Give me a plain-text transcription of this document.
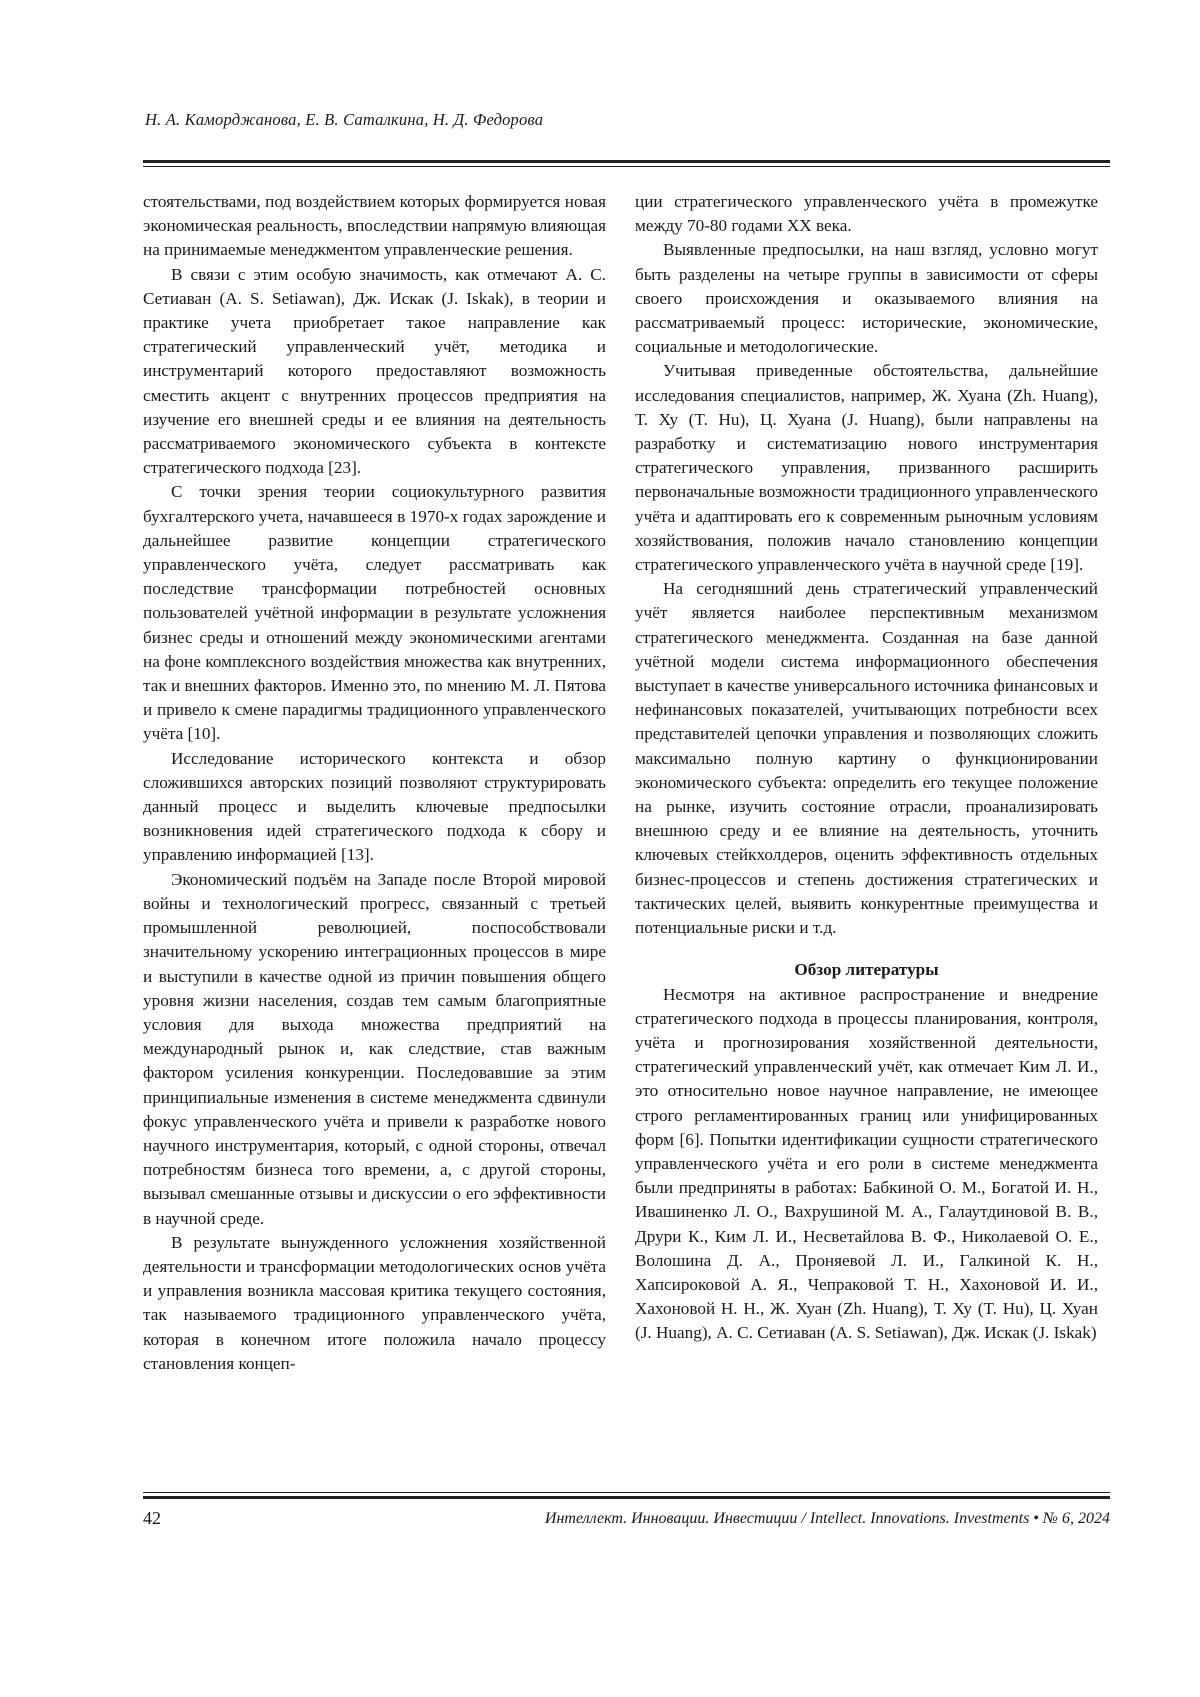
Н. А. Каморджанова, Е. В. Саталкина, Н. Д. Федорова

стоятельствами, под воздействием которых формируется новая экономическая реальность, впоследствии напрямую влияющая на принимаемые менеджментом управленческие решения.

В связи с этим особую значимость, как отмечают А. С. Сетиаван (A. S. Setiawan), Дж. Искак (J. Iskak), в теории и практике учета приобретает такое направление как стратегический управленческий учёт, методика и инструментарий которого предоставляют возможность сместить акцент с внутренних процессов предприятия на изучение его внешней среды и ее влияния на деятельность рассматриваемого экономического субъекта в контексте стратегического подхода [23].

С точки зрения теории социокультурного развития бухгалтерского учета, начавшееся в 1970-х годах зарождение и дальнейшее развитие концепции стратегического управленческого учёта, следует рассматривать как последствие трансформации потребностей основных пользователей учётной информации в результате усложнения бизнес среды и отношений между экономическими агентами на фоне комплексного воздействия множества как внутренних, так и внешних факторов. Именно это, по мнению М. Л. Пятова и привело к смене парадигмы традиционного управленческого учёта [10].

Исследование исторического контекста и обзор сложившихся авторских позиций позволяют структурировать данный процесс и выделить ключевые предпосылки возникновения идей стратегического подхода к сбору и управлению информацией [13].

Экономический подъём на Западе после Второй мировой войны и технологический прогресс, связанный с третьей промышленной революцией, поспособствовали значительному ускорению интеграционных процессов в мире и выступили в качестве одной из причин повышения общего уровня жизни населения, создав тем самым благоприятные условия для выхода множества предприятий на международный рынок и, как следствие, став важным фактором усиления конкуренции. Последовавшие за этим принципиальные изменения в системе менеджмента сдвинули фокус управленческого учёта и привели к разработке нового научного инструментария, который, с одной стороны, отвечал потребностям бизнеса того времени, а, с другой стороны, вызывал смешанные отзывы и дискуссии о его эффективности в научной среде.

В результате вынужденного усложнения хозяйственной деятельности и трансформации методологических основ учёта и управления возникла массовая критика текущего состояния, так называемого традиционного управленческого учёта, которая в конечном итоге положила начало процессу становления концеп-

ции стратегического управленческого учёта в промежутке между 70-80 годами XX века.

Выявленные предпосылки, на наш взгляд, условно могут быть разделены на четыре группы в зависимости от сферы своего происхождения и оказываемого влияния на рассматриваемый процесс: исторические, экономические, социальные и методологические.

Учитывая приведенные обстоятельства, дальнейшие исследования специалистов, например, Ж. Хуана (Zh. Huang), Т. Ху (T. Hu), Ц. Хуана (J. Huang), были направлены на разработку и систематизацию нового инструментария стратегического управления, призванного расширить первоначальные возможности традиционного управленческого учёта и адаптировать его к современным рыночным условиям хозяйствования, положив начало становлению концепции стратегического управленческого учёта в научной среде [19].

На сегодняшний день стратегический управленческий учёт является наиболее перспективным механизмом стратегического менеджмента. Созданная на базе данной учётной модели система информационного обеспечения выступает в качестве универсального источника финансовых и нефинансовых показателей, учитывающих потребности всех представителей цепочки управления и позволяющих сложить максимально полную картину о функционировании экономического субъекта: определить его текущее положение на рынке, изучить состояние отрасли, проанализировать внешнюю среду и ее влияние на деятельность, уточнить ключевых стейкхолдеров, оценить эффективность отдельных бизнес-процессов и степень достижения стратегических и тактических целей, выявить конкурентные преимущества и потенциальные риски и т.д.

Обзор литературы

Несмотря на активное распространение и внедрение стратегического подхода в процессы планирования, контроля, учёта и прогнозирования хозяйственной деятельности, стратегический управленческий учёт, как отмечает Ким Л. И., это относительно новое научное направление, не имеющее строго регламентированных границ или унифицированных форм [6]. Попытки идентификации сущности стратегического управленческого учёта и его роли в системе менеджмента были предприняты в работах: Бабкиной О. М., Богатой И. Н., Ивашиненко Л. О., Вахрушиной М. А., Галаутдиновой В. В., Друри К., Ким Л. И., Несветайлова В. Ф., Николаевой О. Е., Волошина Д. А., Проняевой Л. И., Галкиной К. Н., Хапсироковой А. Я., Чепраковой Т. Н., Хахоновой И. И., Хахоновой Н. Н., Ж. Хуан (Zh. Huang), Т. Ху (T. Hu), Ц. Хуан (J. Huang), А. С. Сетиаван (A. S. Setiawan), Дж. Искак (J. Iskak)

42	Интеллект. Инновации. Инвестиции / Intellect. Innovations. Investments • № 6, 2024
